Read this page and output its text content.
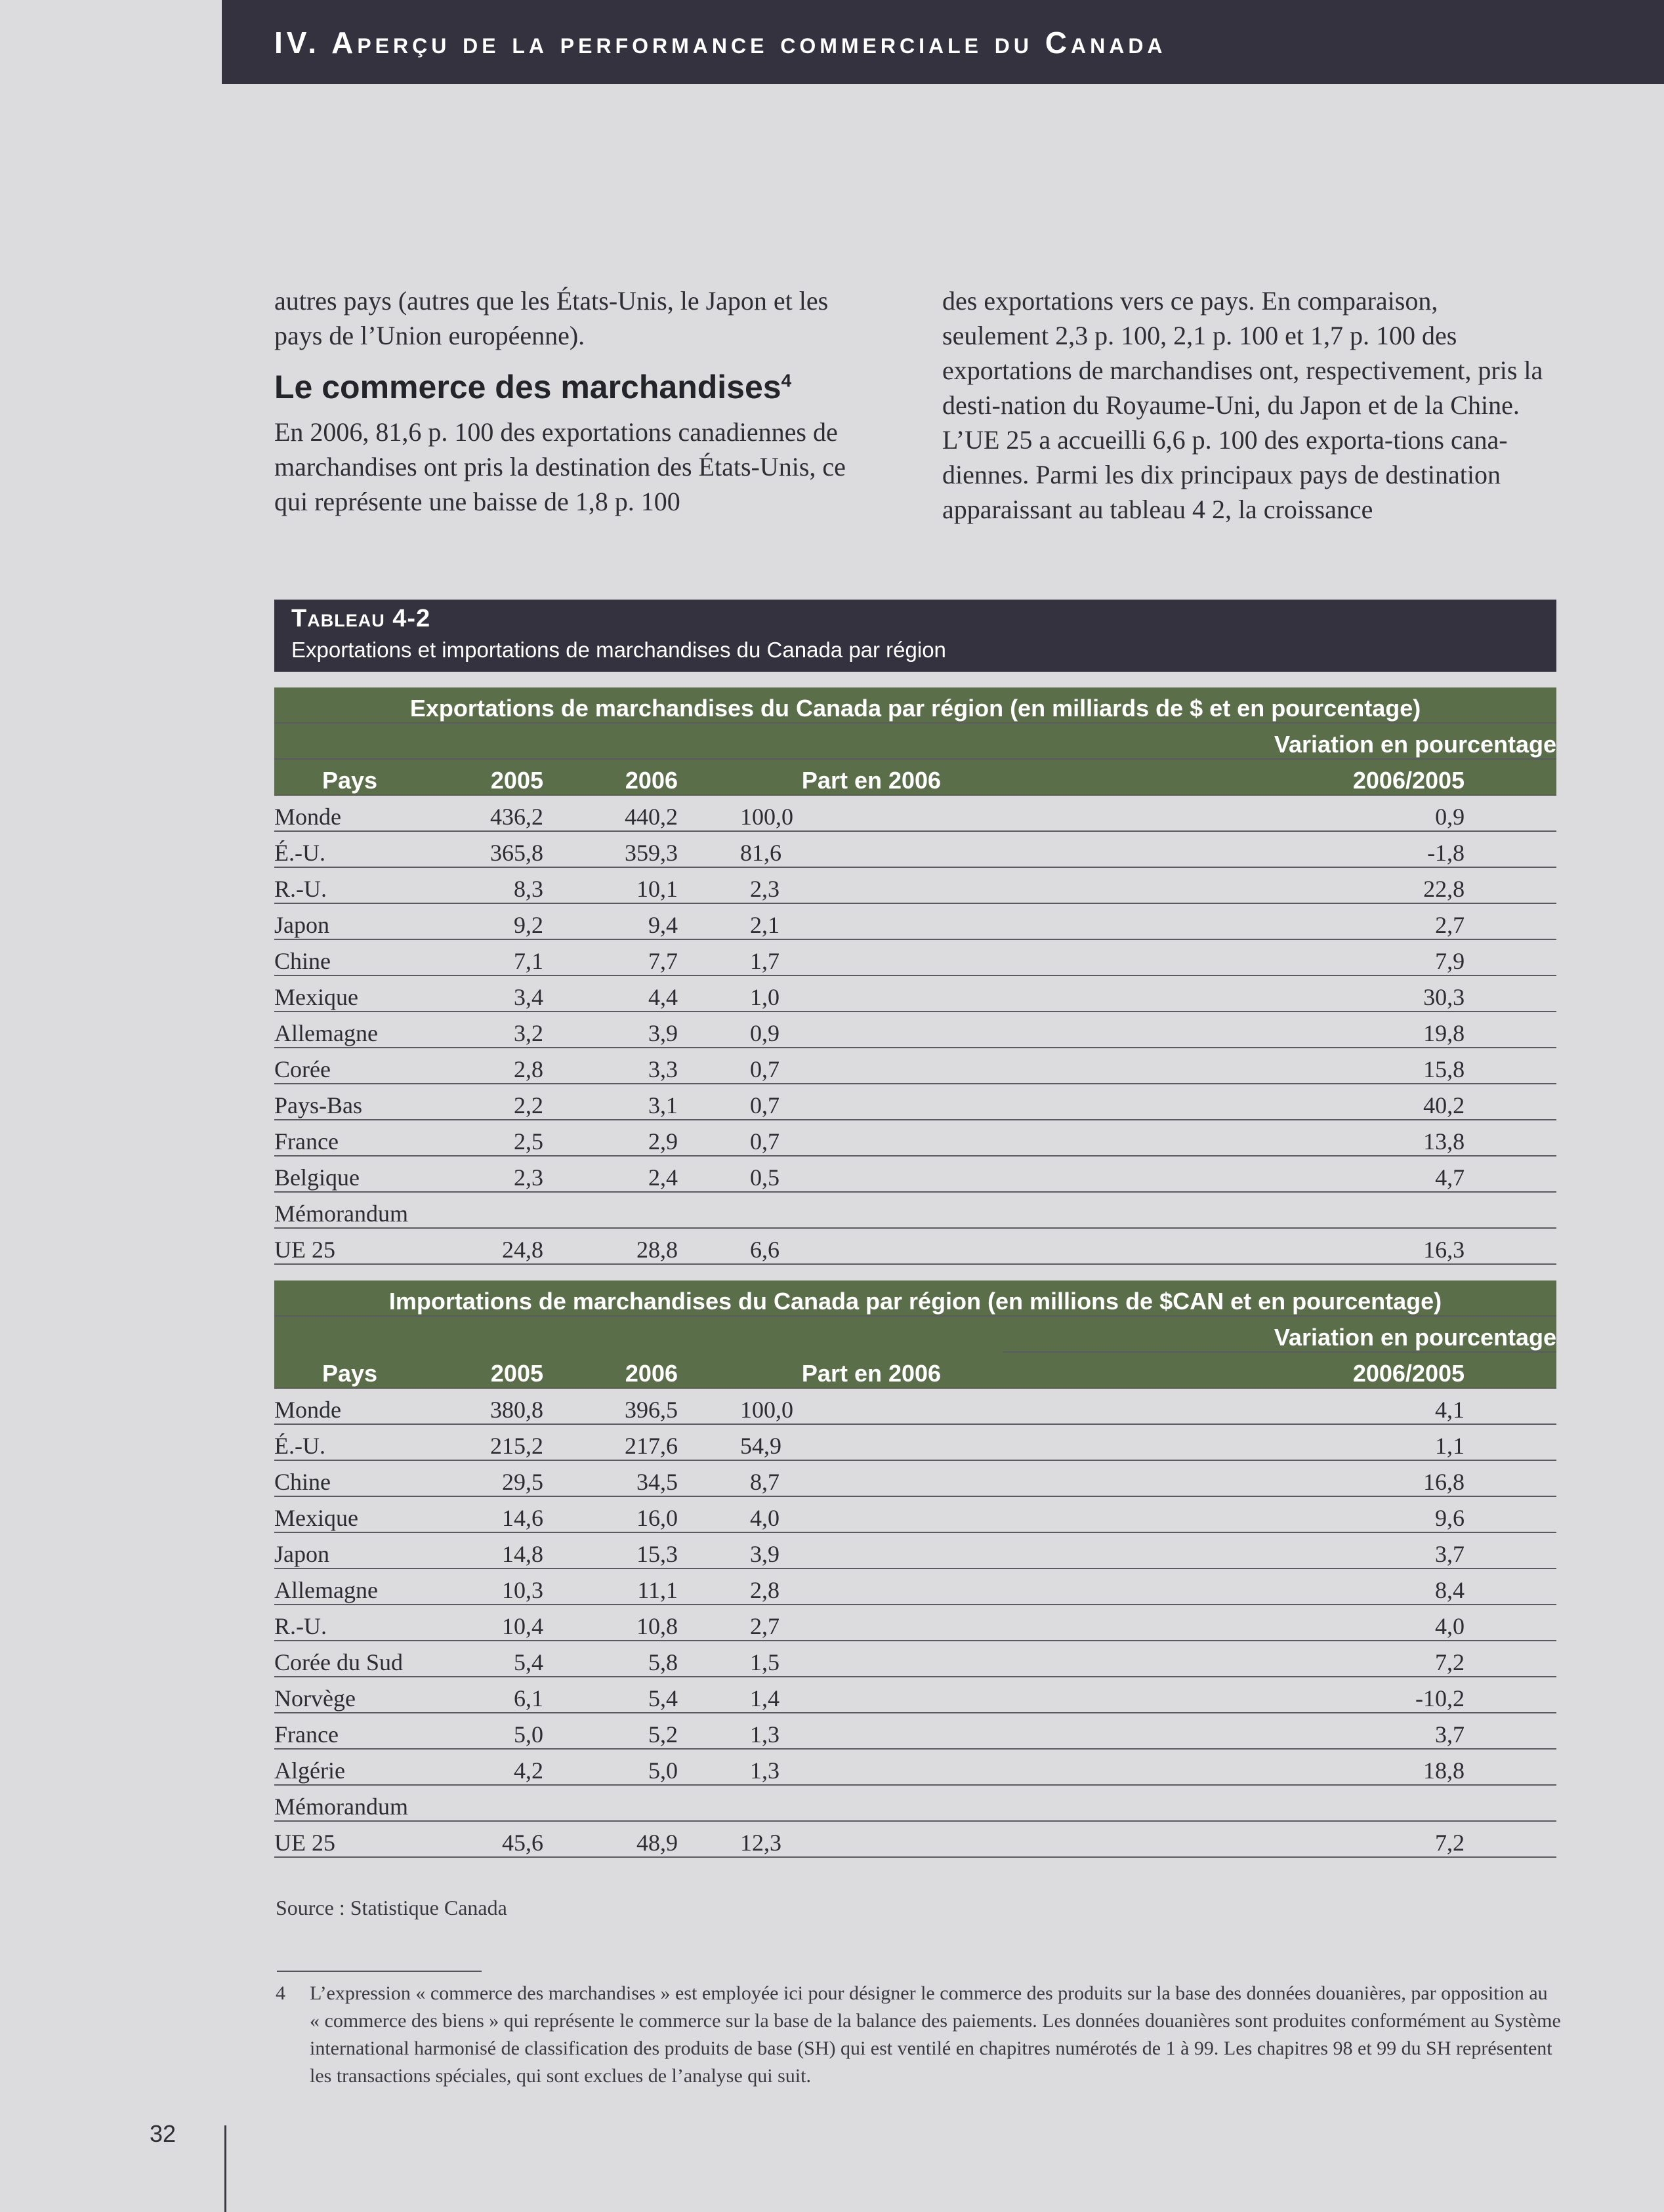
IV. Aperçu de la performance commerciale du Canada

autres pays (autres que les États-Unis, le Japon et les pays de l’Union européenne).

Le commerce des marchandises$^4$

En 2006, 81,6 p. 100 des exportations canadiennes de marchandises ont pris la destination des États-Unis, ce qui représente une baisse de 1,8 p. 100

des exportations vers ce pays. En comparaison, seulement 2,3 p. 100, 2,1 p. 100 et 1,7 p. 100 des exportations de marchandises ont, respectivement, pris la desti-nation du Royaume-Uni, du Japon et de la Chine. L’UE 25 a accueilli 6,6 p. 100 des exporta-tions cana-diennes. Parmi les dix principaux pays de destination apparaissant au tableau 4 2, la croissance

Tableau 4-2
Exportations et importations de marchandises du Canada par région
Exportations de marchandises du Canada par région (en milliards de $ et en pourcentage)				
				Variation en pourcentage
Pays	2005	2006	Part en 2006	2006/2005
Monde	436,2	440,2	100,0	0,9
É.-U.	365,8	359,3	81,6	-1,8
R.-U.	8,3	10,1	2,3	22,8
Japon	9,2	9,4	2,1	2,7
Chine	7,1	7,7	1,7	7,9
Mexique	3,4	4,4	1,0	30,3
Allemagne	3,2	3,9	0,9	19,8
Corée	2,8	3,3	0,7	15,8
Pays-Bas	2,2	3,1	0,7	40,2
France	2,5	2,9	0,7	13,8
Belgique	2,3	2,4	0,5	4,7
Mémorandum				
UE 25	24,8	28,8	6,6	16,3
Importations de marchandises du Canada par région (en millions de $CAN et en pourcentage)				
Pays	2005	2006	Part en 2006	Variation en pourcentage
				2006/2005
Monde	380,8	396,5	100,0	4,1
É.-U.	215,2	217,6	54,9	1,1
Chine	29,5	34,5	8,7	16,8
Mexique	14,6	16,0	4,0	9,6
Japon	14,8	15,3	3,9	3,7
Allemagne	10,3	11,1	2,8	8,4
R.-U.	10,4	10,8	2,7	4,0
Corée du Sud	5,4	5,8	1,5	7,2
Norvège	6,1	5,4	1,4	-10,2
France	5,0	5,2	1,3	3,7
Algérie	4,2	5,0	1,3	18,8
Mémorandum				
UE 25	45,6	48,9	12,3	7,2
Source : Statistique Canada
4 L’expression « commerce des marchandises » est employée ici pour désigner le commerce des produits sur la base des données douanières, par opposition au « commerce des biens » qui représente le commerce sur la base de la balance des paiements. Les données douanières sont produites conformément au Système international harmonisé de classification des produits de base (SH) qui est ventilé en chapitres numérotés de 1 à 99. Les chapitres 98 et 99 du SH représentent les transactions spéciales, qui sont exclues de l’analyse qui suit.
32
